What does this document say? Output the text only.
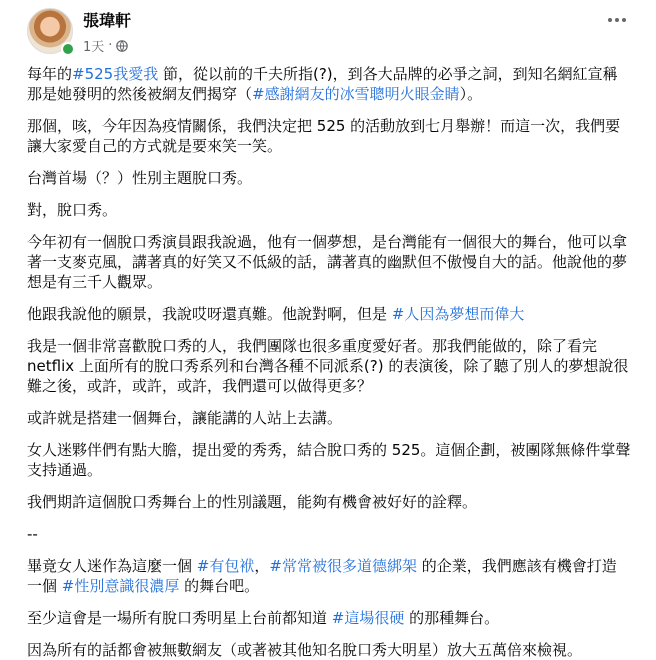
張瑋軒
1天 ·

每年的#525我愛我 節，從以前的千夫所指(?)，到各大品牌的必爭之詞，到知名網紅宣稱那是她發明的然後被網友們揭穿（#感謝網友的冰雪聰明火眼金睛）。

那個，咳，今年因為疫情關係，我們決定把 525 的活動放到七月舉辦！而這一次，我們要讓大家愛自己的方式就是要來笑一笑。

台灣首場（？）性別主題脫口秀。

對，脫口秀。

今年初有一個脫口秀演員跟我說過，他有一個夢想，是台灣能有一個很大的舞台，他可以拿著一支麥克風，講著真的好笑又不低級的話，講著真的幽默但不傲慢自大的話。他說他的夢想是有三千人觀眾。

他跟我說他的願景，我說哎呀還真難。他說對啊，但是 #人因為夢想而偉大

我是一個非常喜歡脫口秀的人，我們團隊也很多重度愛好者。那我們能做的，除了看完 netflix 上面所有的脫口秀系列和台灣各種不同派系(?) 的表演後，除了聽了別人的夢想說很難之後，或許，或許，或許，我們還可以做得更多？

或許就是搭建一個舞台，讓能講的人站上去講。

女人迷夥伴們有點大膽，提出愛的秀秀，結合脫口秀的 525。這個企劃，被團隊無條件掌聲支持通過。

我們期許這個脫口秀舞台上的性別議題，能夠有機會被好好的詮釋。

--

畢竟女人迷作為這麼一個 #有包袱，#常常被很多道德綁架 的企業，我們應該有機會打造一個 #性別意識很濃厚 的舞台吧。

至少這會是一場所有脫口秀明星上台前都知道 #這場很硬 的那種舞台。

因為所有的話都會被無數網友（或著被其他知名脫口秀大明星）放大五萬倍來檢視。
